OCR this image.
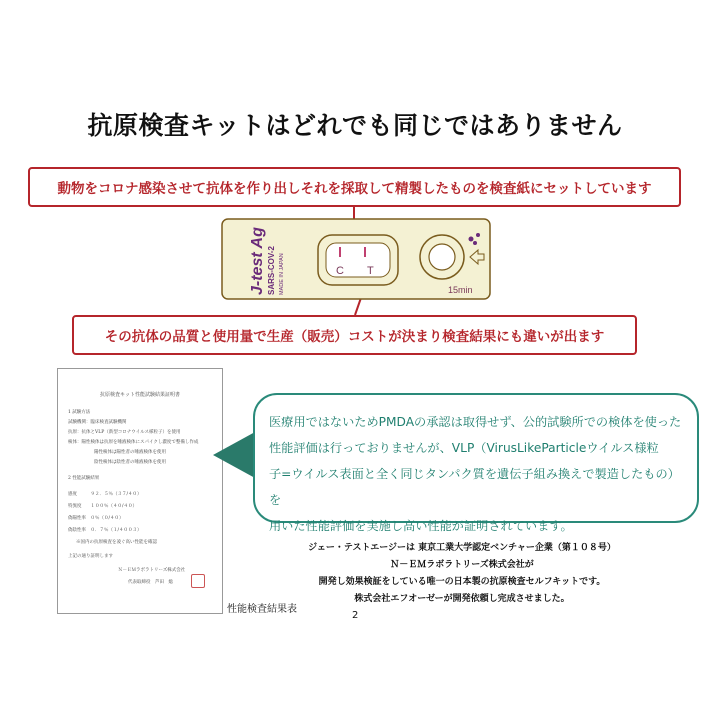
抗原検査キットはどれでも同じではありません
動物をコロナ感染させて抗体を作り出しそれを採取して精製したものを検査紙にセットしています
C T
15min
J-test Ag SARS-COV-2 MADE IN JAPAN
その抗体の品質と使用量で生産（販売）コストが決まり検査結果にも違いが出ます
抗原検査キット性能試験結果証明書
1 試験方法
試験機関：臨床検査試験機関
抗原：抗体とVLP（新型コロナウイルス様粒子）を使用
検体：陽性検体は抗原を唾液検体にスパイクし濃度で整備し作成
陽性検体は陽性者の唾液検体を使用
陰性検体は陰性者の唾液検体を使用
2 性能試験結果
感度　　　９２．５％（３７/４０）
特異度　　１００％（４０/４０）
偽陽性率　０％（０/４０）
偽陰性率　０．７％（１/４００３）
※国内の抗原検査を凌ぐ高い性能を確認
上記の通り証明します
Ｎ－ＥＭラボラトリーズ株式会社
代表取締役　芦田　総
性能検査結果表
2
医療用ではないためPMDAの承認は取得せず、公的試験所での検体を使った
性能評価は行っておりませんが、VLP（VirusLikeParticleウイルス様粒
子=ウイルス表面と全く同じタンパク質を遺伝子組み換えで製造したもの）を
用いた性能評価を実施し高い性能が証明されています。
ジェー・テストエージーは 東京工業大学認定ベンチャー企業（第１０８号）
Ｎ－ＥＭラボラトリーズ株式会社が
開発し効果検証をしている唯一の日本製の抗原検査セルフキットです。
株式会社エフオーゼーが開発依頼し完成させました。
